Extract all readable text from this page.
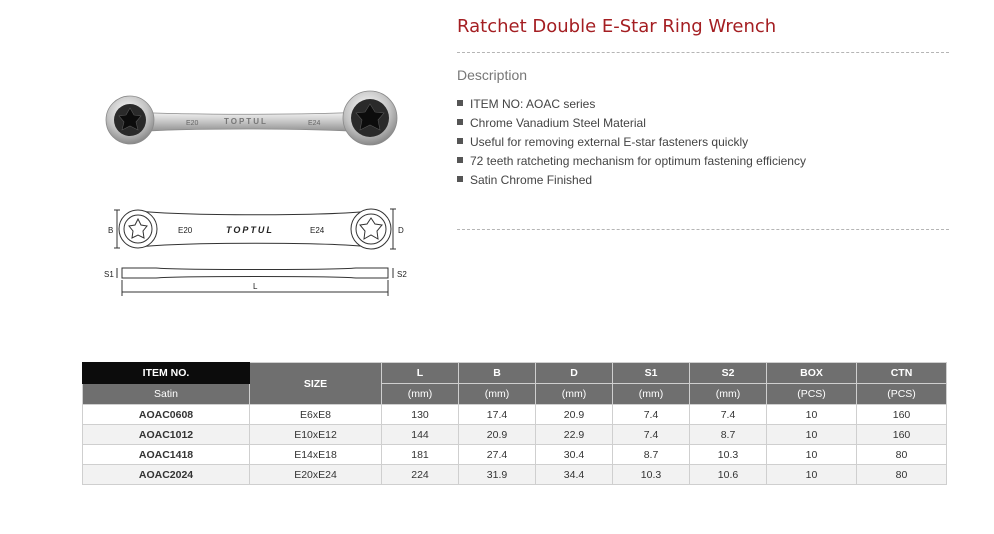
E20	TOPTUL	E24
B	D
E20	TOPTUL	E24
S1	S2
L
Ratchet Double E-Star Ring Wrench
Description
ITEM NO: AOAC series
Chrome Vanadium Steel Material
Useful for removing external E-star fasteners quickly
72 teeth ratcheting mechanism for optimum fastening efficiency
Satin Chrome Finished
ITEM NO.	SIZE	L	B	D	S1	S2	BOX	CTN
Satin		(mm)	(mm)	(mm)	(mm)	(mm)	(PCS)	(PCS)
AOAC0608	E6xE8	130	17.4	20.9	7.4	7.4	10	160
AOAC1012	E10xE12	144	20.9	22.9	7.4	8.7	10	160
AOAC1418	E14xE18	181	27.4	30.4	8.7	10.3	10	80
AOAC2024	E20xE24	224	31.9	34.4	10.3	10.6	10	80
